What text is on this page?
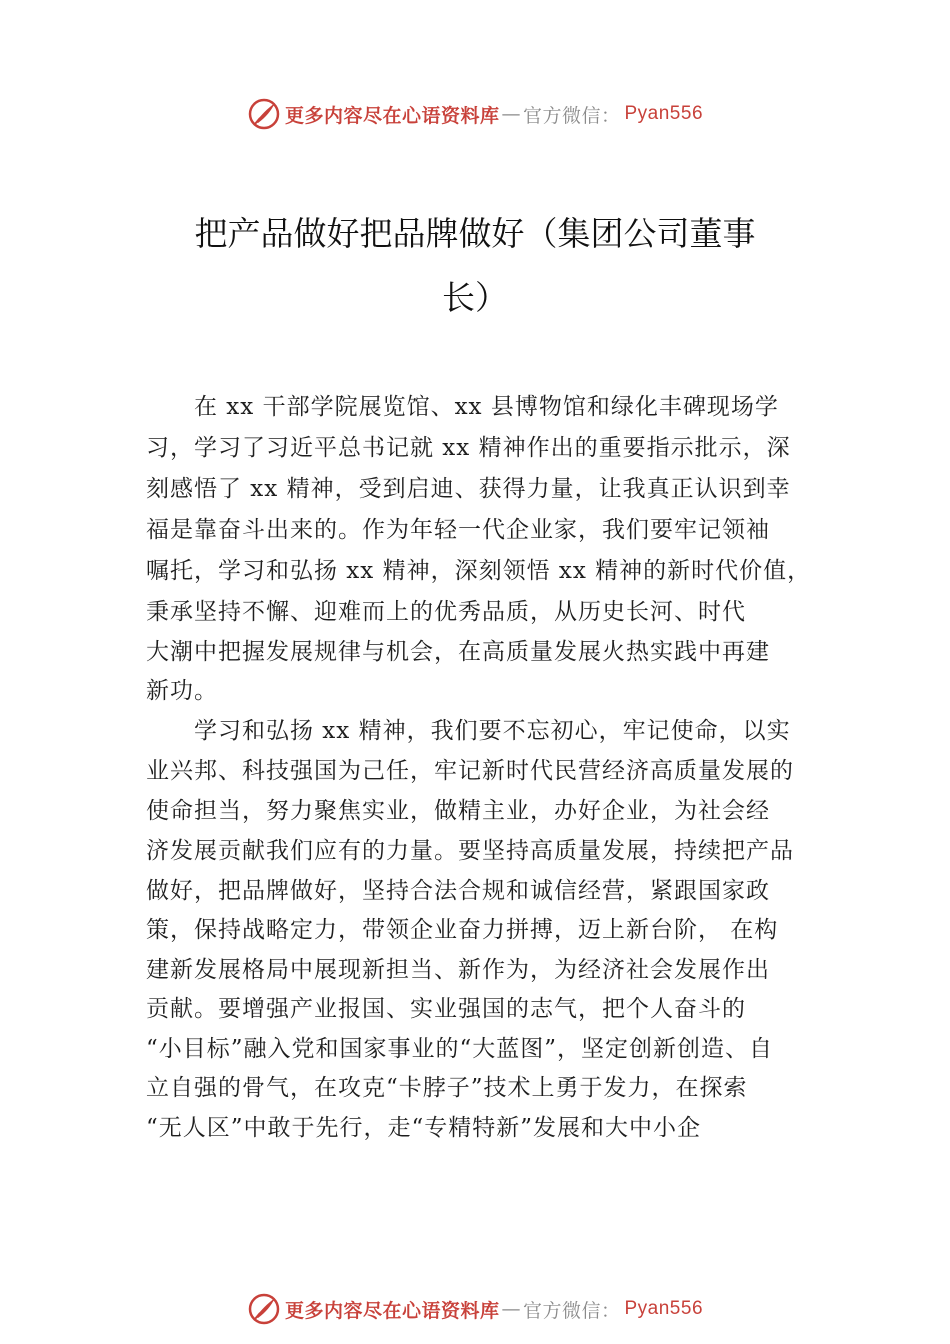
更多内容尽在心语资料库 — 官方微信： Pyan556
把产品做好把品牌做好（集团公司董事
长）
　　在 xx 干部学院展览馆、xx 县博物馆和绿化丰碑现场学
习，学习了习近平总书记就 xx 精神作出的重要指示批示，深
刻感悟了 xx 精神，受到启迪、获得力量，让我真正认识到幸
福是靠奋斗出来的。作为年轻一代企业家，我们要牢记领袖
嘱托，学习和弘扬 xx 精神，深刻领悟 xx 精神的新时代价值，
秉承坚持不懈、迎难而上的优秀品质，从历史长河、时代
大潮中把握发展规律与机会，在高质量发展火热实践中再建
新功。
　　学习和弘扬 xx 精神，我们要不忘初心，牢记使命，以实
业兴邦、科技强国为己任，牢记新时代民营经济高质量发展的
使命担当，努力聚焦实业，做精主业，办好企业，为社会经
济发展贡献我们应有的力量。要坚持高质量发展，持续把产品
做好，把品牌做好，坚持合法合规和诚信经营，紧跟国家政
策，保持战略定力，带领企业奋力拼搏，迈上新台阶， 在构
建新发展格局中展现新担当、新作为，为经济社会发展作出
贡献。要增强产业报国、实业强国的志气，把个人奋斗的
“小目标”融入党和国家事业的“大蓝图”，坚定创新创造、自
立自强的骨气，在攻克“卡脖子”技术上勇于发力，在探索
“无人区”中敢于先行，走“专精特新”发展和大中小企
更多内容尽在心语资料库 — 官方微信： Pyan556
